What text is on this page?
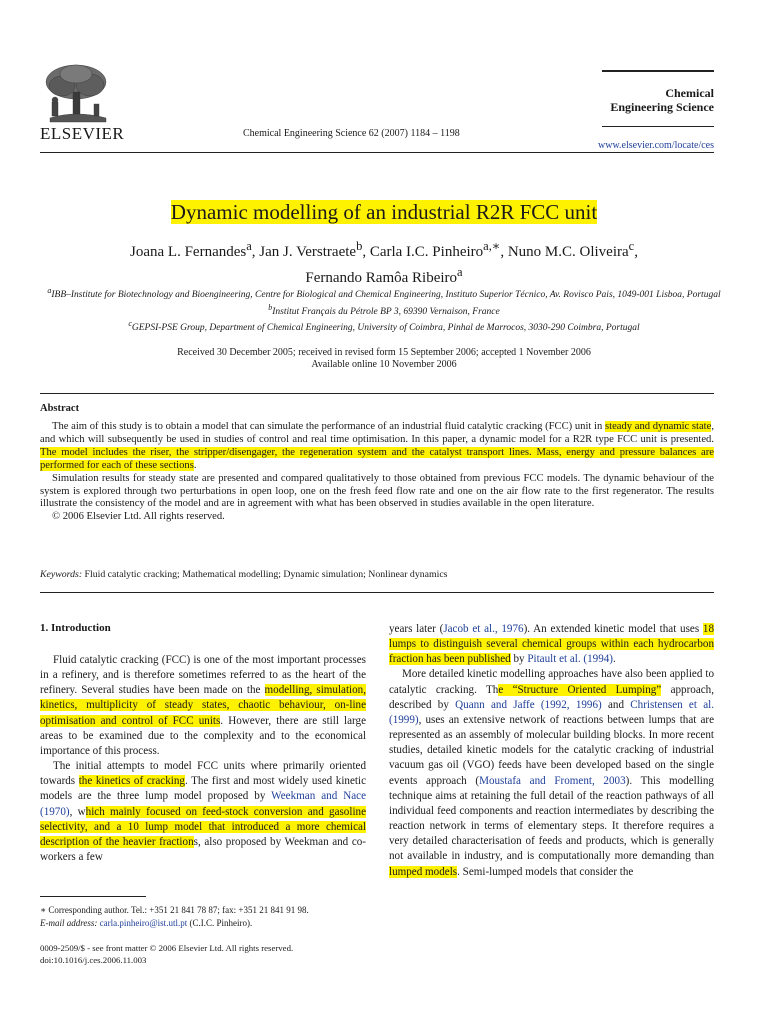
ELSEVIER	Chemical Engineering Science 62 (2007) 1184 – 1198
Chemical
Engineering Science
www.elsevier.com/locate/ces
Dynamic modelling of an industrial R2R FCC unit
Joana L. Fernandes$^a$, Jan J. Verstraete$^b$, Carla I.C. Pinheiro$^{a,∗}$, Nuno M.C. Oliveira$^c$,
Fernando Ramôa Ribeiro$^a$
$^a$IBB–Institute for Biotechnology and Bioengineering, Centre for Biological and Chemical Engineering, Instituto Superior Técnico, Av. Rovisco Pais, 1049-001 Lisboa, Portugal
$^b$Institut Français du Pétrole BP 3, 69390 Vernaison, France
$^c$GEPSI-PSE Group, Department of Chemical Engineering, University of Coimbra, Pinhal de Marrocos, 3030-290 Coimbra, Portugal
Received 30 December 2005; received in revised form 15 September 2006; accepted 1 November 2006
Available online 10 November 2006
Abstract

The aim of this study is to obtain a model that can simulate the performance of an industrial fluid catalytic cracking (FCC) unit in steady and dynamic state, and which will subsequently be used in studies of control and real time optimisation. In this paper, a dynamic model for a R2R type FCC unit is presented. The model includes the riser, the stripper/disengager, the regeneration system and the catalyst transport lines. Mass, energy and pressure balances are performed for each of these sections.

Simulation results for steady state are presented and compared qualitatively to those obtained from previous FCC models. The dynamic behaviour of the system is explored through two perturbations in open loop, one on the fresh feed flow rate and one on the air flow rate to the first regenerator. The results illustrate the consistency of the model and are in agreement with what has been observed in studies available in the open literature.

© 2006 Elsevier Ltd. All rights reserved.

Keywords: Fluid catalytic cracking; Mathematical modelling; Dynamic simulation; Nonlinear dynamics
1. Introduction

Fluid catalytic cracking (FCC) is one of the most important processes in a refinery, and is therefore sometimes referred to as the heart of the refinery. Several studies have been made on the modelling, simulation, kinetics, multiplicity of steady states, chaotic behaviour, on-line optimisation and control of FCC units. However, there are still large areas to be examined due to the complexity and to the economical importance of this process.

The initial attempts to model FCC units where primarily oriented towards the kinetics of cracking. The first and most widely used kinetic models are the three lump model proposed by Weekman and Nace (1970), which mainly focused on feed-stock conversion and gasoline selectivity, and a 10 lump model that introduced a more chemical description of the heavier fractions, also proposed by Weekman and co-workers a few

years later (Jacob et al., 1976). An extended kinetic model that uses 18 lumps to distinguish several chemical groups within each hydrocarbon fraction has been published by Pitault et al. (1994).

More detailed kinetic modelling approaches have also been applied to catalytic cracking. The “Structure Oriented Lumping” approach, described by Quann and Jaffe (1992, 1996) and Christensen et al. (1999), uses an extensive network of reactions between lumps that are represented as an assembly of molecular building blocks. In more recent studies, detailed kinetic models for the catalytic cracking of industrial vacuum gas oil (VGO) feeds have been developed based on the single events approach (Moustafa and Froment, 2003). This modelling technique aims at retaining the full detail of the reaction pathways of all individual feed components and reaction intermediates by describing the reaction network in terms of elementary steps. It therefore requires a very detailed characterisation of feeds and products, which is generally not available in industry, and is computationally more demanding than lumped models. Semi-lumped models that consider the

∗ Corresponding author. Tel.: +351 21 841 78 87; fax: +351 21 841 91 98.
E-mail address: carla.pinheiro@ist.utl.pt (C.I.C. Pinheiro).
0009-2509/$ - see front matter © 2006 Elsevier Ltd. All rights reserved.
doi:10.1016/j.ces.2006.11.003
